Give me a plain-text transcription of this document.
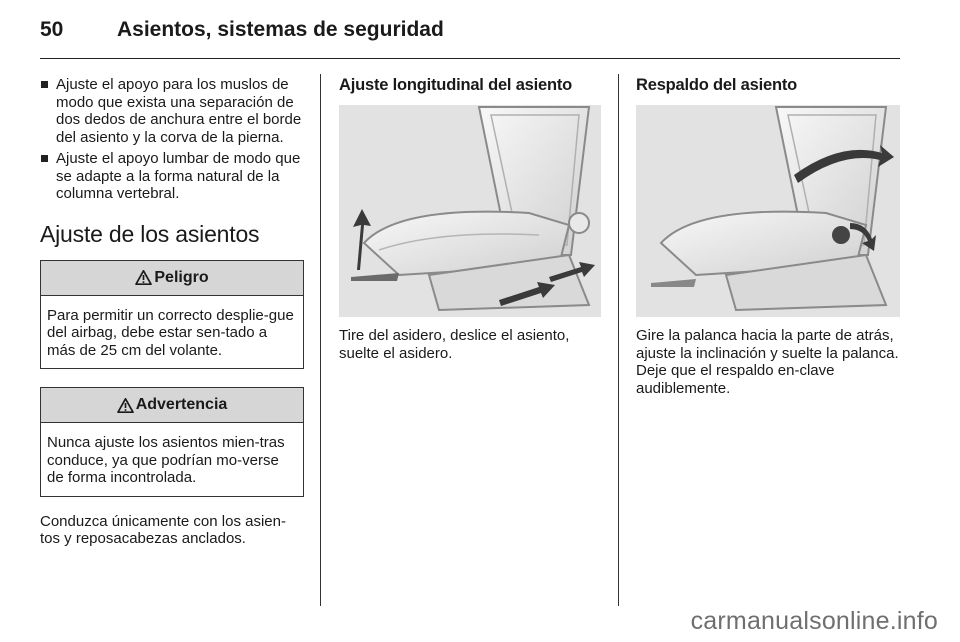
50	Asientos, sistemas de seguridad
Ajuste el apoyo para los muslos de modo que exista una separación de dos dedos de anchura entre el borde del asiento y la corva de la pierna.
Ajuste el apoyo lumbar de modo que se adapte a la forma natural de la columna vertebral.
Ajuste de los asientos
Peligro
Para permitir un correcto desplie-gue del airbag, debe estar sen-tado a más de 25 cm del volante.
Advertencia
Nunca ajuste los asientos mien-tras conduce, ya que podrían mo-verse de forma incontrolada.

Conduzca únicamente con los asien-tos y reposacabezas anclados.

Ajuste longitudinal del asiento

Tire del asidero, deslice el asiento, suelte el asidero.

Respaldo del asiento

Gire la palanca hacia la parte de atrás, ajuste la inclinación y suelte la palanca. Deje que el respaldo en-clave audiblemente.

carmanualsonline.info
